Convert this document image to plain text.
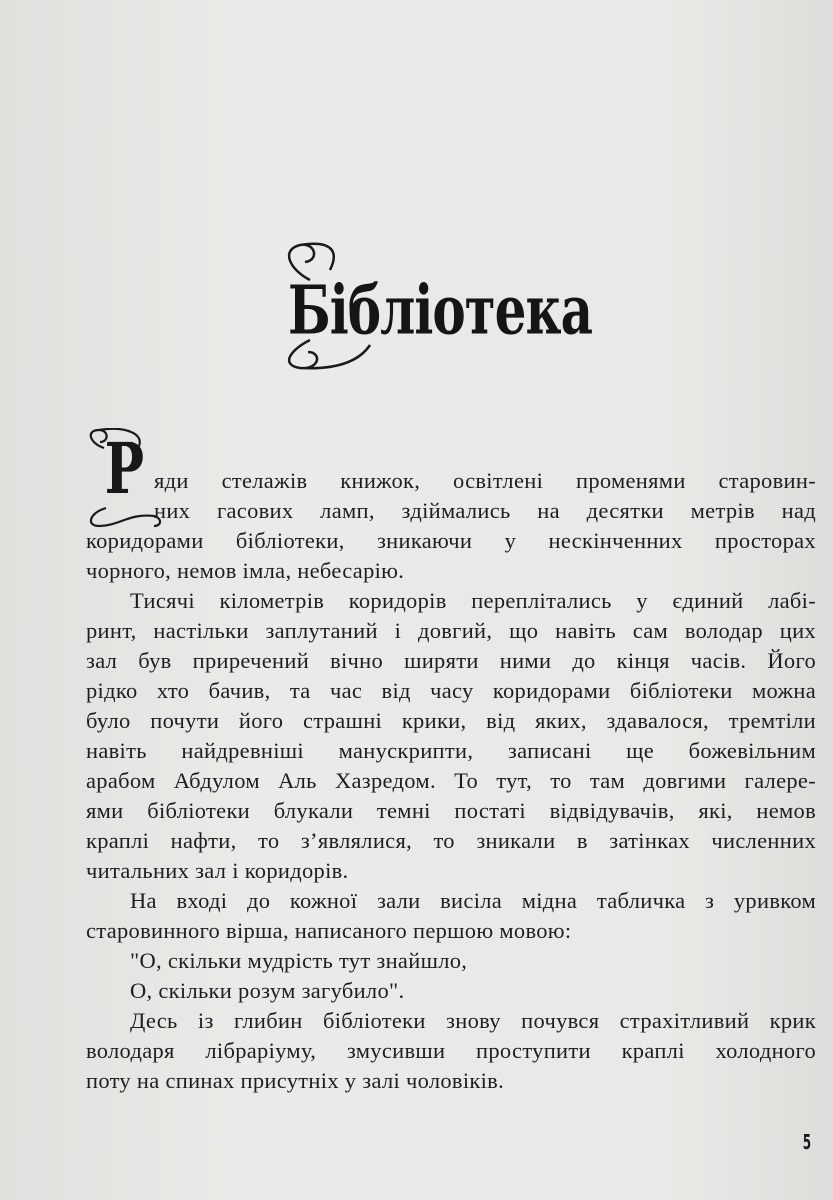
Бібліотека
Р яди стелажів книжок, освітлені променями старовин-
них гасових ламп, здіймались на десятки метрів над
коридорами бібліотеки, зникаючи у нескінченних просторах
чорного, немов імла, небесарію.
Тисячі кілометрів коридорів переплітались у єдиний лабі-
ринт, настільки заплутаний і довгий, що навіть сам володар цих
зал був приречений вічно ширяти ними до кінця часів. Його
рідко хто бачив, та час від часу коридорами бібліотеки можна
було почути його страшні крики, від яких, здавалося, тремтіли
навіть найдревніші манускрипти, записані ще божевільним
арабом Абдулом Аль Хазредом. То тут, то там довгими галере-
ями бібліотеки блукали темні постаті відвідувачів, які, немов
краплі нафти, то з’являлися, то зникали в затінках численних
читальних зал і коридорів.
На вході до кожної зали висіла мідна табличка з уривком
старовинного вірша, написаного першою мовою:
"О, скільки мудрість тут знайшло,
О, скільки розум загубило".
Десь із глибин бібліотеки знову почувся страхітливий крик
володаря лібраріуму, змусивши проступити краплі холодного
поту на спинах присутніх у залі чоловіків.
5
